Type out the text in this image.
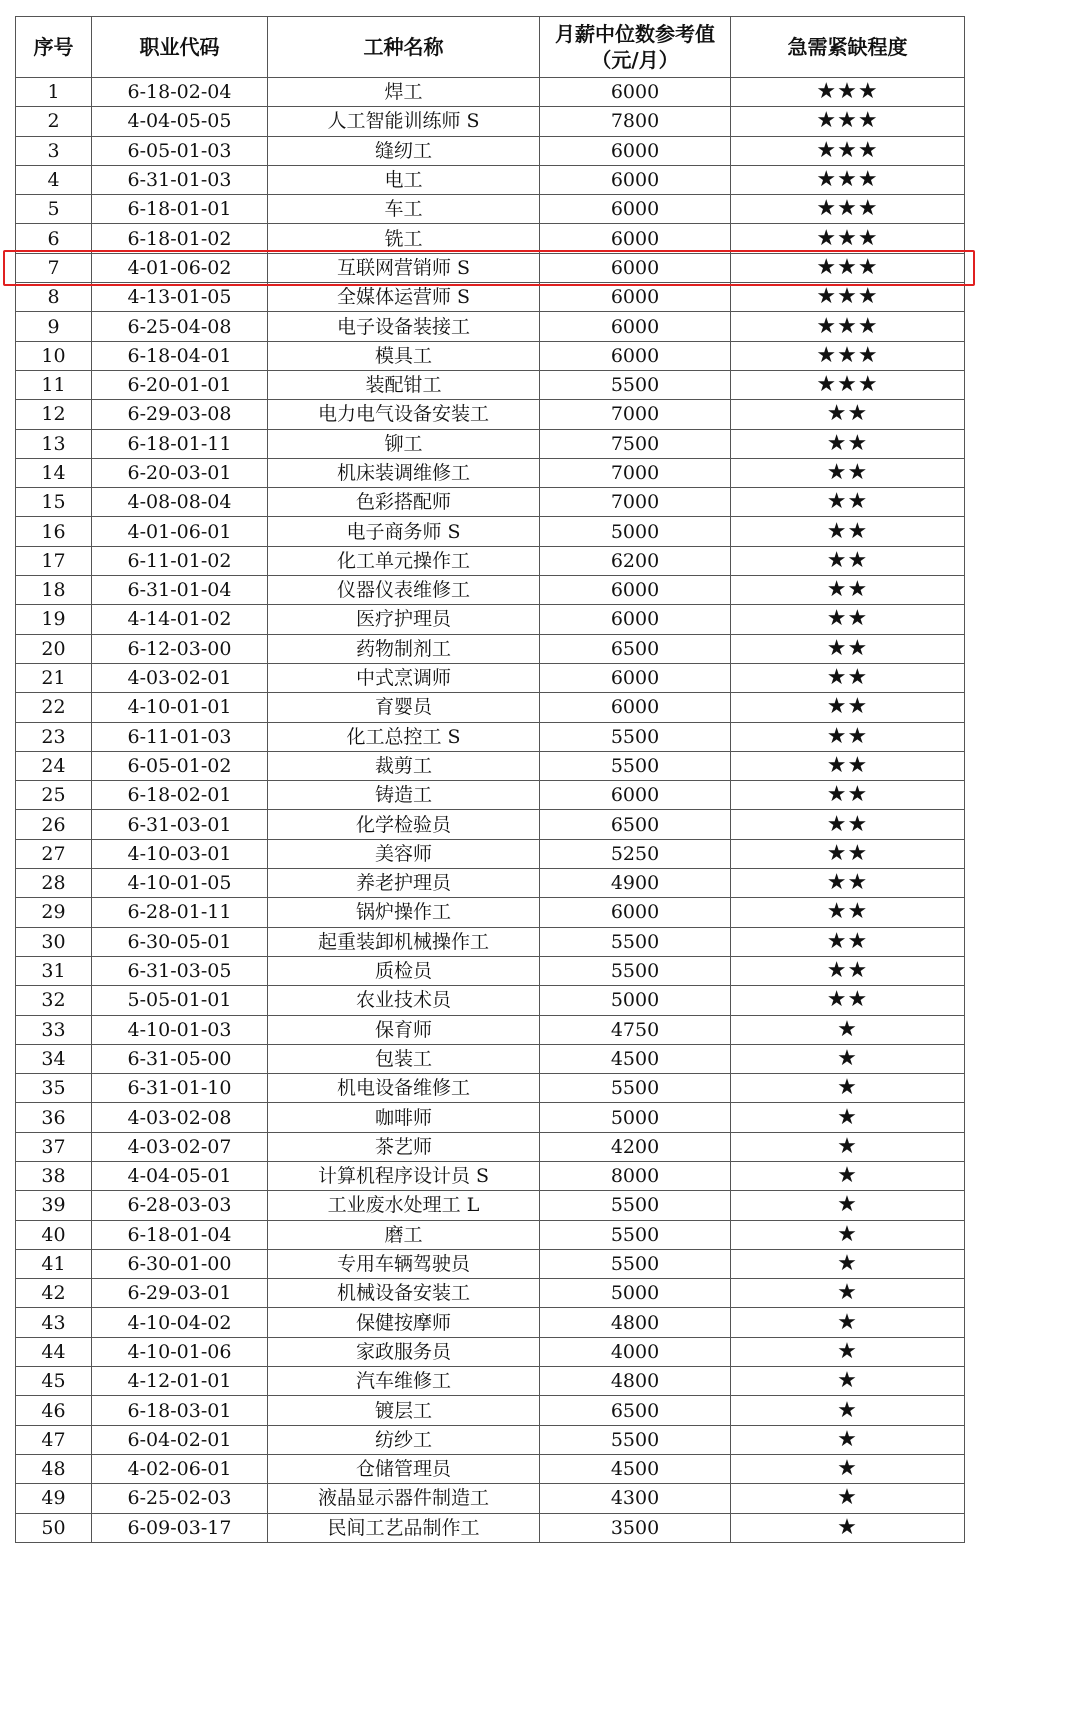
序号	职业代码	工种名称	月薪中位数参考值（元/月）	急需紧缺程度
1	6-18-02-04	焊工	6000	★★★
2	4-04-05-05	人工智能训练师 S	7800	★★★
3	6-05-01-03	缝纫工	6000	★★★
4	6-31-01-03	电工	6000	★★★
5	6-18-01-01	车工	6000	★★★
6	6-18-01-02	铣工	6000	★★★
7	4-01-06-02	互联网营销师 S	6000	★★★
8	4-13-01-05	全媒体运营师 S	6000	★★★
9	6-25-04-08	电子设备装接工	6000	★★★
10	6-18-04-01	模具工	6000	★★★
11	6-20-01-01	装配钳工	5500	★★★
12	6-29-03-08	电力电气设备安装工	7000	★★
13	6-18-01-11	铆工	7500	★★
14	6-20-03-01	机床装调维修工	7000	★★
15	4-08-08-04	色彩搭配师	7000	★★
16	4-01-06-01	电子商务师 S	5000	★★
17	6-11-01-02	化工单元操作工	6200	★★
18	6-31-01-04	仪器仪表维修工	6000	★★
19	4-14-01-02	医疗护理员	6000	★★
20	6-12-03-00	药物制剂工	6500	★★
21	4-03-02-01	中式烹调师	6000	★★
22	4-10-01-01	育婴员	6000	★★
23	6-11-01-03	化工总控工 S	5500	★★
24	6-05-01-02	裁剪工	5500	★★
25	6-18-02-01	铸造工	6000	★★
26	6-31-03-01	化学检验员	6500	★★
27	4-10-03-01	美容师	5250	★★
28	4-10-01-05	养老护理员	4900	★★
29	6-28-01-11	锅炉操作工	6000	★★
30	6-30-05-01	起重装卸机械操作工	5500	★★
31	6-31-03-05	质检员	5500	★★
32	5-05-01-01	农业技术员	5000	★★
33	4-10-01-03	保育师	4750	★
34	6-31-05-00	包装工	4500	★
35	6-31-01-10	机电设备维修工	5500	★
36	4-03-02-08	咖啡师	5000	★
37	4-03-02-07	茶艺师	4200	★
38	4-04-05-01	计算机程序设计员 S	8000	★
39	6-28-03-03	工业废水处理工 L	5500	★
40	6-18-01-04	磨工	5500	★
41	6-30-01-00	专用车辆驾驶员	5500	★
42	6-29-03-01	机械设备安装工	5000	★
43	4-10-04-02	保健按摩师	4800	★
44	4-10-01-06	家政服务员	4000	★
45	4-12-01-01	汽车维修工	4800	★
46	6-18-03-01	镀层工	6500	★
47	6-04-02-01	纺纱工	5500	★
48	4-02-06-01	仓储管理员	4500	★
49	6-25-02-03	液晶显示器件制造工	4300	★
50	6-09-03-17	民间工艺品制作工	3500	★
